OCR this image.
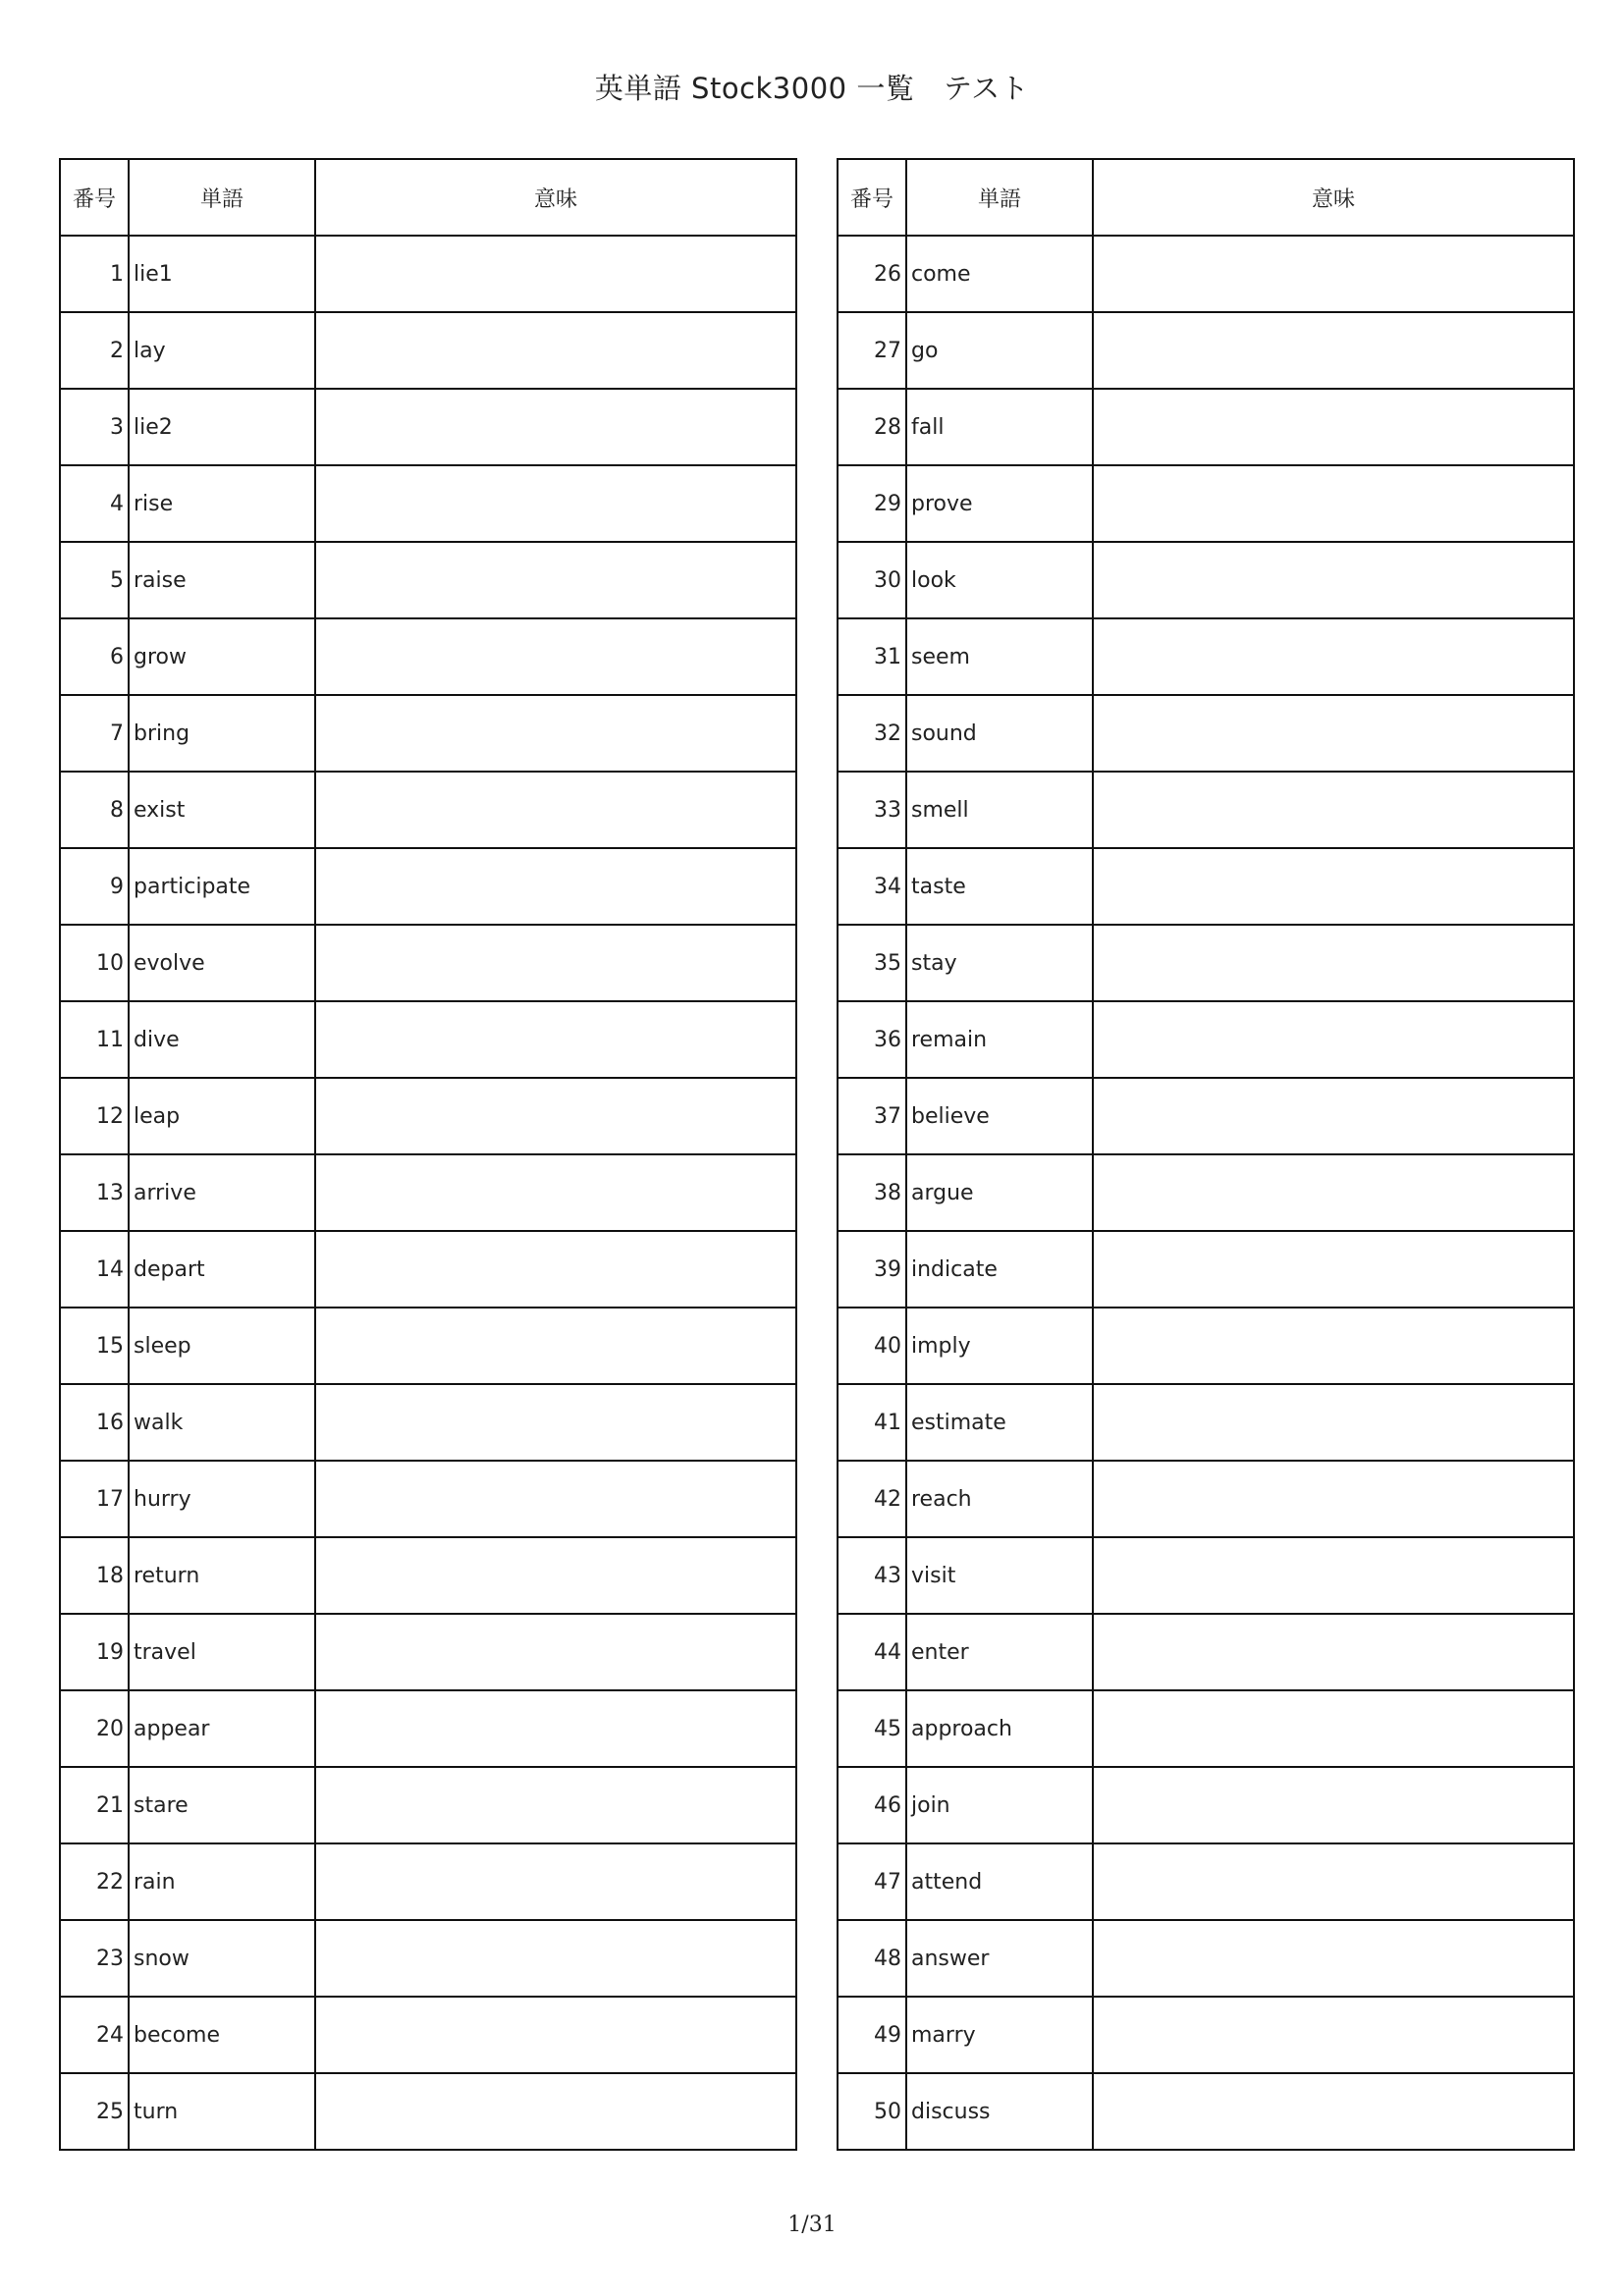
英単語 Stock3000 一覧　テスト
番号	単語	意味
1	lie1	
2	lay	
3	lie2	
4	rise	
5	raise	
6	grow	
7	bring	
8	exist	
9	participate	
10	evolve	
11	dive	
12	leap	
13	arrive	
14	depart	
15	sleep	
16	walk	
17	hurry	
18	return	
19	travel	
20	appear	
21	stare	
22	rain	
23	snow	
24	become	
25	turn	
番号	単語	意味
26	come	
27	go	
28	fall	
29	prove	
30	look	
31	seem	
32	sound	
33	smell	
34	taste	
35	stay	
36	remain	
37	believe	
38	argue	
39	indicate	
40	imply	
41	estimate	
42	reach	
43	visit	
44	enter	
45	approach	
46	join	
47	attend	
48	answer	
49	marry	
50	discuss	
1/31
